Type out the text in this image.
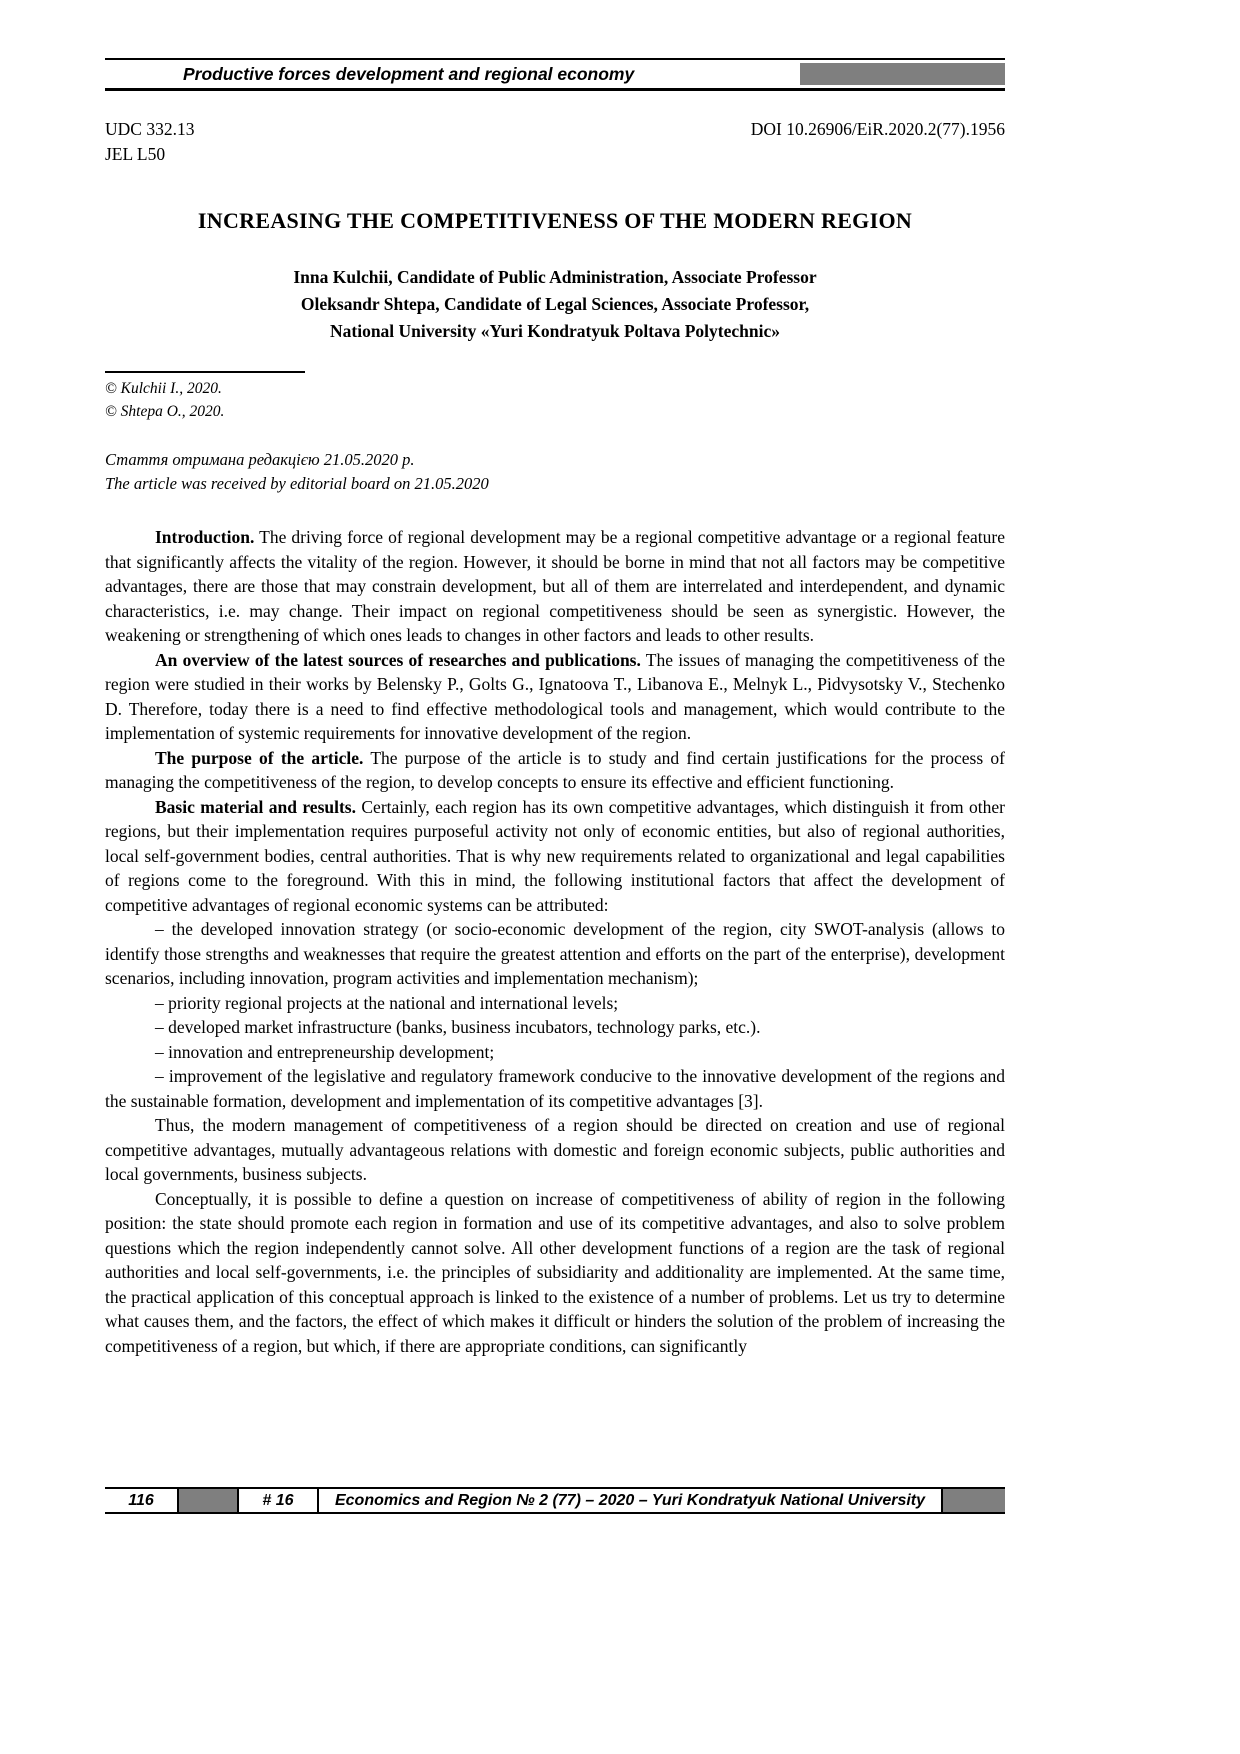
Productive forces development and regional economy
UDC 332.13	DOI 10.26906/EiR.2020.2(77).1956
JEL L50
INCREASING THE COMPETITIVENESS OF THE MODERN REGION
Inna Kulchii, Candidate of Public Administration, Associate Professor
Oleksandr Shtepa, Candidate of Legal Sciences, Associate Professor,
National University «Yuri Kondratyuk Poltava Polytechnic»
© Kulchii I., 2020.
© Shtepa O., 2020.
Стаття отримана редакцією 21.05.2020 р.
The article was received by editorial board on 21.05.2020

Introduction. The driving force of regional development may be a regional competitive advantage or a regional feature that significantly affects the vitality of the region. However, it should be borne in mind that not all factors may be competitive advantages, there are those that may constrain development, but all of them are interrelated and interdependent, and dynamic characteristics, i.e. may change. Their impact on regional competitiveness should be seen as synergistic. However, the weakening or strengthening of which ones leads to changes in other factors and leads to other results.

An overview of the latest sources of researches and publications. The issues of managing the competitiveness of the region were studied in their works by Belensky P., Golts G., Ignatoova T., Libanova E., Melnyk L., Pidvysotsky V., Stechenko D. Therefore, today there is a need to find effective methodological tools and management, which would contribute to the implementation of systemic requirements for innovative development of the region.

The purpose of the article. The purpose of the article is to study and find certain justifications for the process of managing the competitiveness of the region, to develop concepts to ensure its effective and efficient functioning.

Basic material and results. Certainly, each region has its own competitive advantages, which distinguish it from other regions, but their implementation requires purposeful activity not only of economic entities, but also of regional authorities, local self-government bodies, central authorities. That is why new requirements related to organizational and legal capabilities of regions come to the foreground. With this in mind, the following institutional factors that affect the development of competitive advantages of regional economic systems can be attributed:

– the developed innovation strategy (or socio-economic development of the region, city SWOT-analysis (allows to identify those strengths and weaknesses that require the greatest attention and efforts on the part of the enterprise), development scenarios, including innovation, program activities and implementation mechanism);

– priority regional projects at the national and international levels;

– developed market infrastructure (banks, business incubators, technology parks, etc.).

– innovation and entrepreneurship development;

– improvement of the legislative and regulatory framework conducive to the innovative development of the regions and the sustainable formation, development and implementation of its competitive advantages [3].

Thus, the modern management of competitiveness of a region should be directed on creation and use of regional competitive advantages, mutually advantageous relations with domestic and foreign economic subjects, public authorities and local governments, business subjects.

Conceptually, it is possible to define a question on increase of competitiveness of ability of region in the following position: the state should promote each region in formation and use of its competitive advantages, and also to solve problem questions which the region independently cannot solve. All other development functions of a region are the task of regional authorities and local self-governments, i.e. the principles of subsidiarity and additionality are implemented. At the same time, the practical application of this conceptual approach is linked to the existence of a number of problems. Let us try to determine what causes them, and the factors, the effect of which makes it difficult or hinders the solution of the problem of increasing the competitiveness of a region, but which, if there are appropriate conditions, can significantly

116	# 16	Economics and Region № 2 (77) – 2020 – Yuri Kondratyuk National University
